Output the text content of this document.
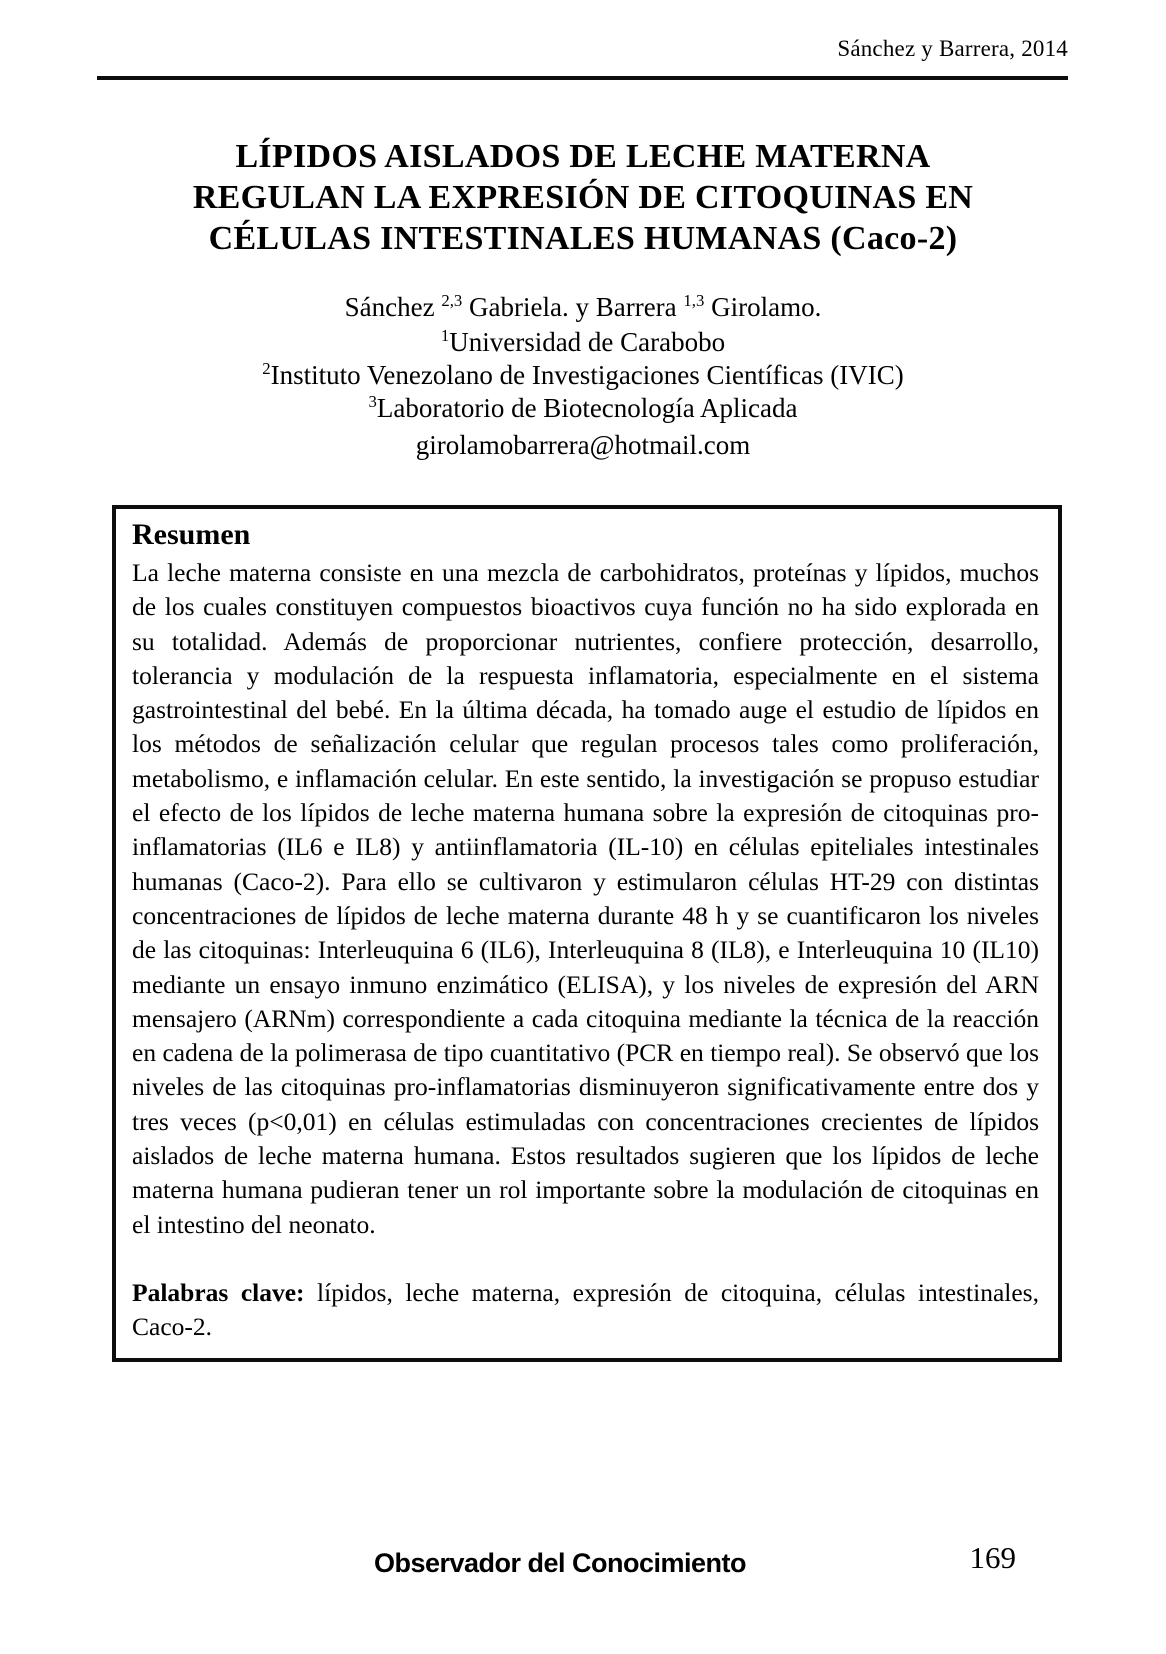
Sánchez y Barrera, 2014
LÍPIDOS AISLADOS DE LECHE MATERNA
REGULAN LA EXPRESIÓN DE CITOQUINAS EN
CÉLULAS INTESTINALES HUMANAS (Caco-2)
Sánchez $^{2,3}$ Gabriela. y Barrera $^{1,3}$ Girolamo.
$^1$Universidad de Carabobo
$^2$Instituto Venezolano de Investigaciones Científicas (IVIC)
$^3$Laboratorio de Biotecnología Aplicada
girolamobarrera@hotmail.com
Resumen

La leche materna consiste en una mezcla de carbohidratos, proteínas y lípidos, muchos de los cuales constituyen compuestos bioactivos cuya función no ha sido explorada en su totalidad. Además de proporcionar nutrientes, confiere protección, desarrollo, tolerancia y modulación de la respuesta inflamatoria, especialmente en el sistema gastrointestinal del bebé. En la última década, ha tomado auge el estudio de lípidos en los métodos de señalización celular que regulan procesos tales como proliferación, metabolismo, e inflamación celular. En este sentido, la investigación se propuso estudiar el efecto de los lípidos de leche materna humana sobre la expresión de citoquinas pro-inflamatorias (IL6 e IL8) y antiinflamatoria (IL-10) en células epiteliales intestinales humanas (Caco-2). Para ello se cultivaron y estimularon células HT-29 con distintas concentraciones de lípidos de leche materna durante 48 h y se cuantificaron los niveles de las citoquinas: Interleuquina 6 (IL6), Interleuquina 8 (IL8), e Interleuquina 10 (IL10) mediante un ensayo inmuno enzimático (ELISA), y los niveles de expresión del ARN mensajero (ARNm) correspondiente a cada citoquina mediante la técnica de la reacción en cadena de la polimerasa de tipo cuantitativo (PCR en tiempo real). Se observó que los niveles de las citoquinas pro-inflamatorias disminuyeron significativamente entre dos y tres veces (p<0,01) en células estimuladas con concentraciones crecientes de lípidos aislados de leche materna humana. Estos resultados sugieren que los lípidos de leche materna humana pudieran tener un rol importante sobre la modulación de citoquinas en el intestino del neonato.

Palabras clave: lípidos, leche materna, expresión de citoquina, células intestinales, Caco-2.

Observador del Conocimiento	169
